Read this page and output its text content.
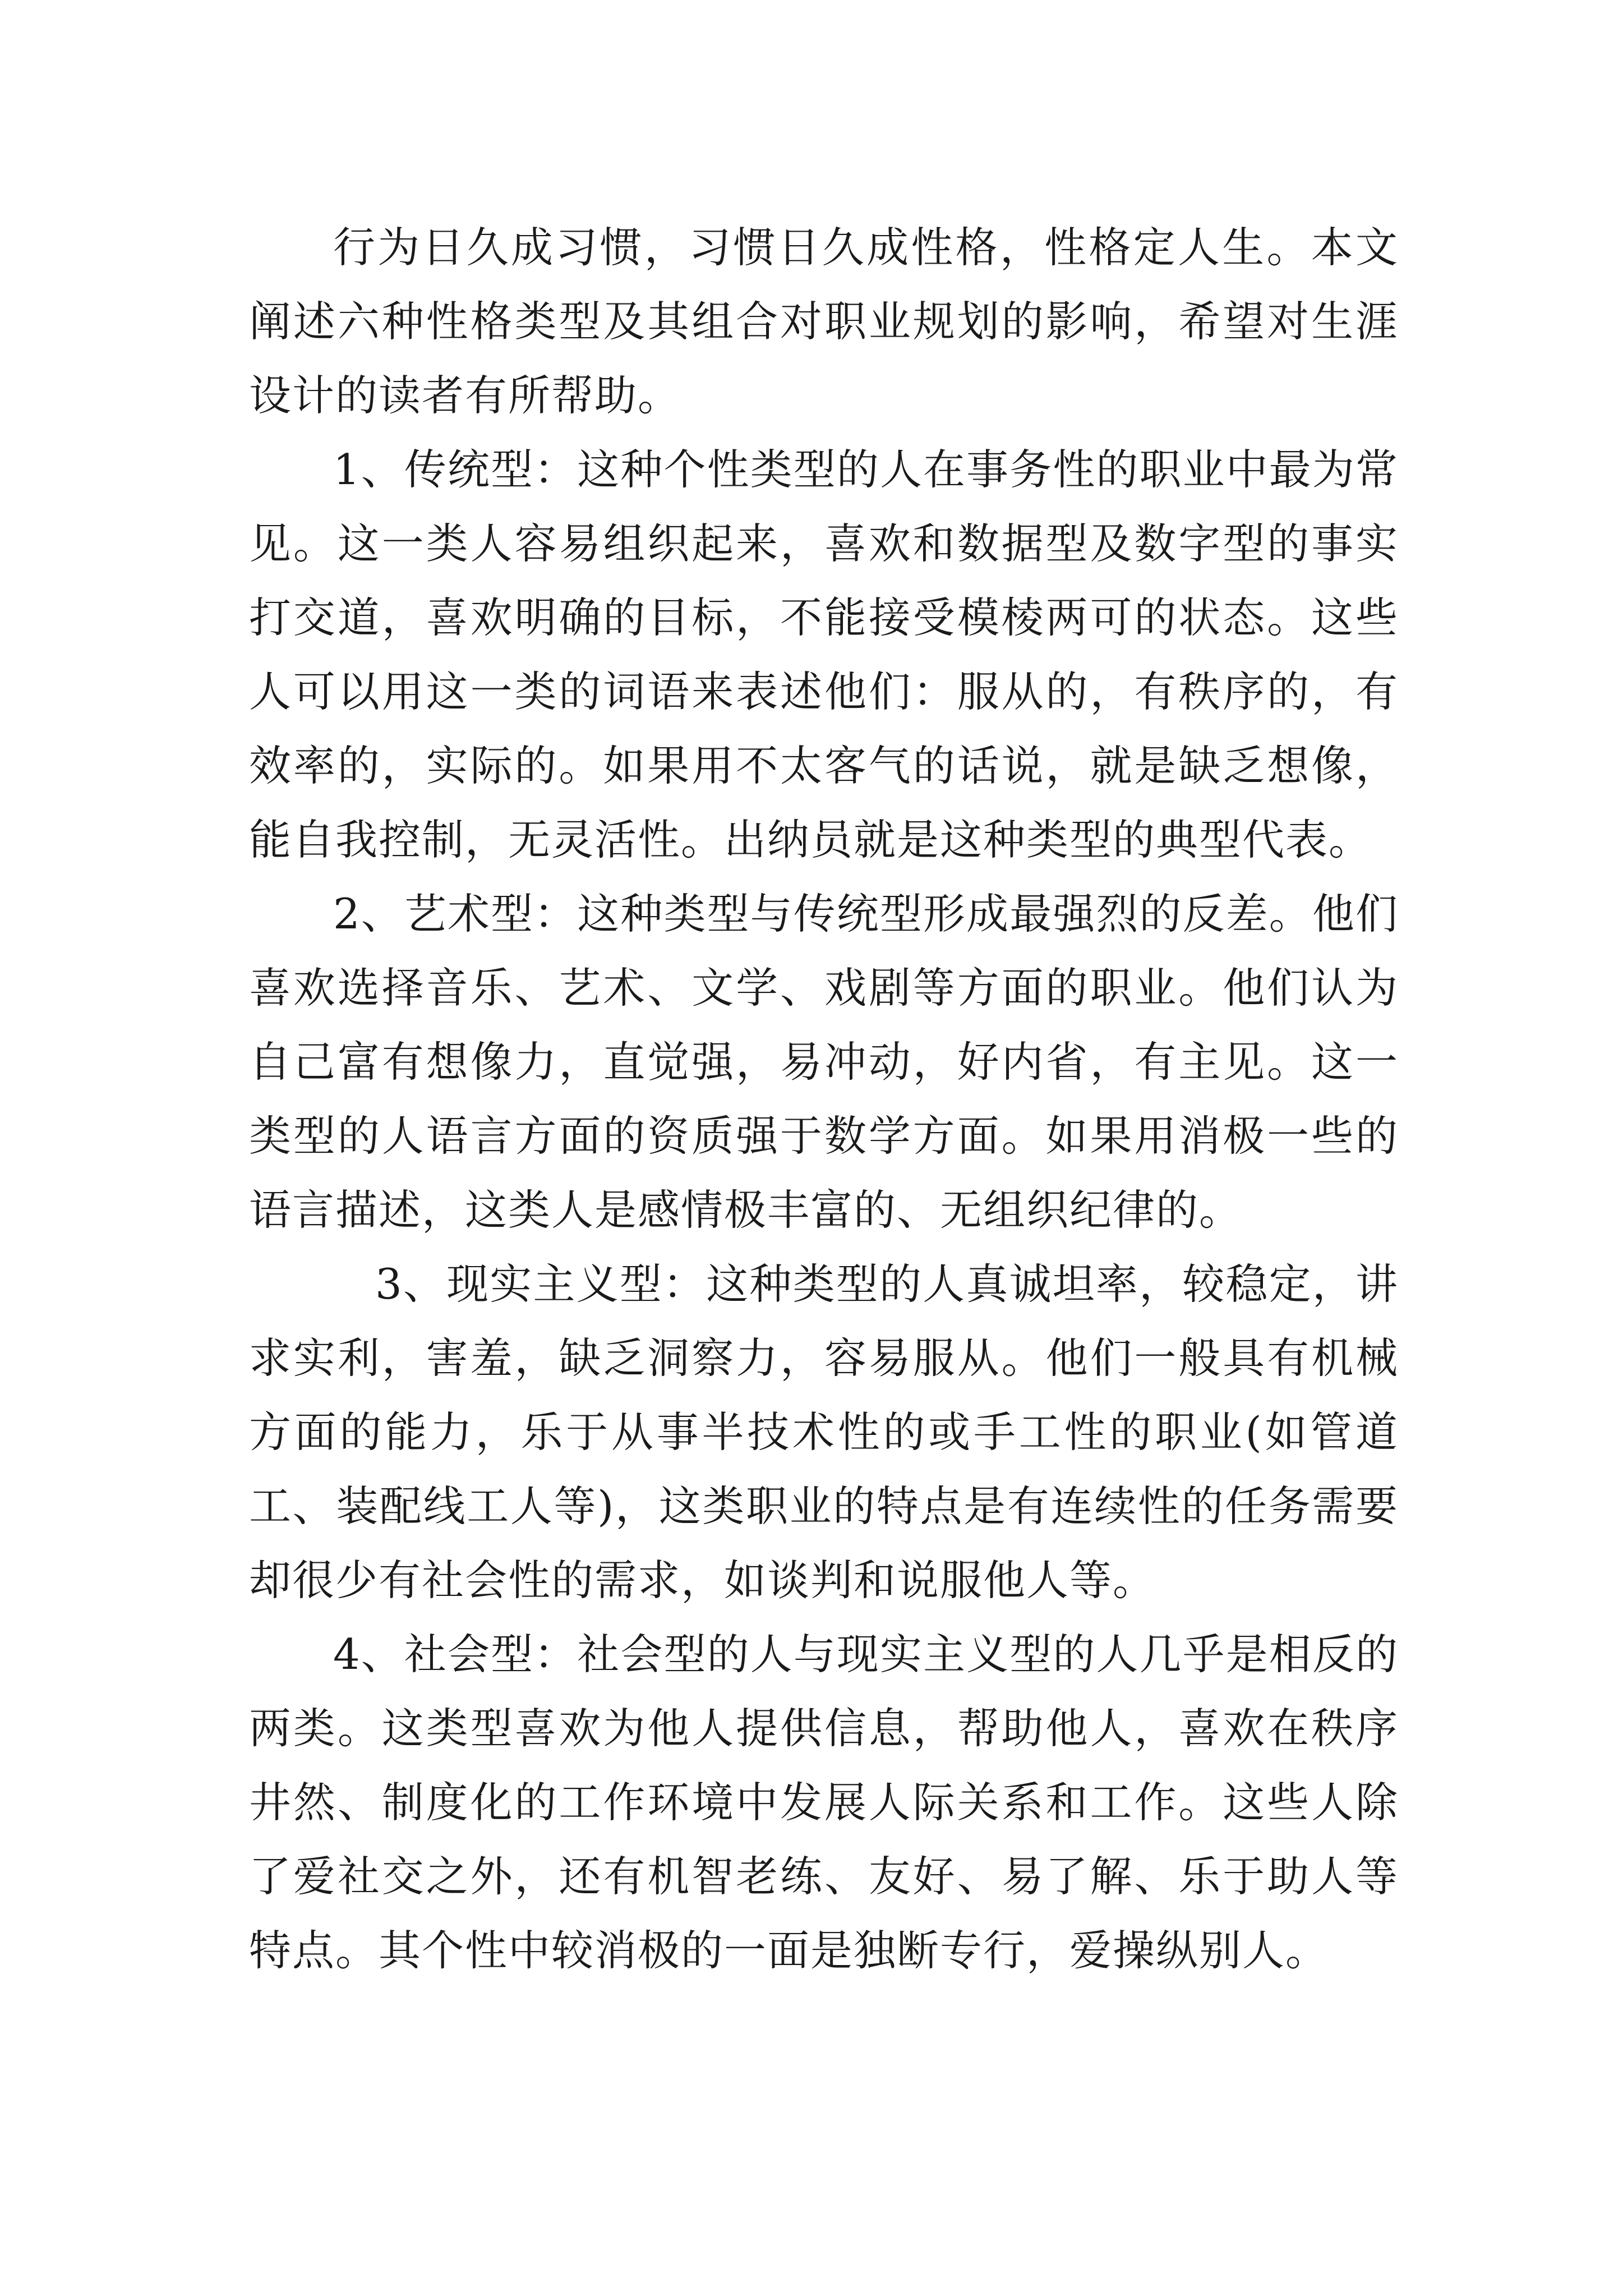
行为日久成习惯，习惯日久成性格，性格定人生。本文阐述六种性格类型及其组合对职业规划的影响，希望对生涯设计的读者有所帮助。

1、传统型：这种个性类型的人在事务性的职业中最为常见。这一类人容易组织起来，喜欢和数据型及数字型的事实打交道，喜欢明确的目标，不能接受模棱两可的状态。这些人可以用这一类的词语来表述他们：服从的，有秩序的，有效率的，实际的。如果用不太客气的话说，就是缺乏想像，能自我控制，无灵活性。出纳员就是这种类型的典型代表。

2、艺术型：这种类型与传统型形成最强烈的反差。他们喜欢选择音乐、艺术、文学、戏剧等方面的职业。他们认为自己富有想像力，直觉强，易冲动，好内省，有主见。这一类型的人语言方面的资质强于数学方面。如果用消极一些的语言描述，这类人是感情极丰富的、无组织纪律的。

3、现实主义型：这种类型的人真诚坦率，较稳定，讲求实利，害羞，缺乏洞察力，容易服从。他们一般具有机械方面的能力，乐于从事半技术性的或手工性的职业(如管道工、装配线工人等)，这类职业的特点是有连续性的任务需要却很少有社会性的需求，如谈判和说服他人等。

4、社会型：社会型的人与现实主义型的人几乎是相反的两类。这类型喜欢为他人提供信息，帮助他人，喜欢在秩序井然、制度化的工作环境中发展人际关系和工作。这些人除了爱社交之外，还有机智老练、友好、易了解、乐于助人等特点。其个性中较消极的一面是独断专行，爱操纵别人。
